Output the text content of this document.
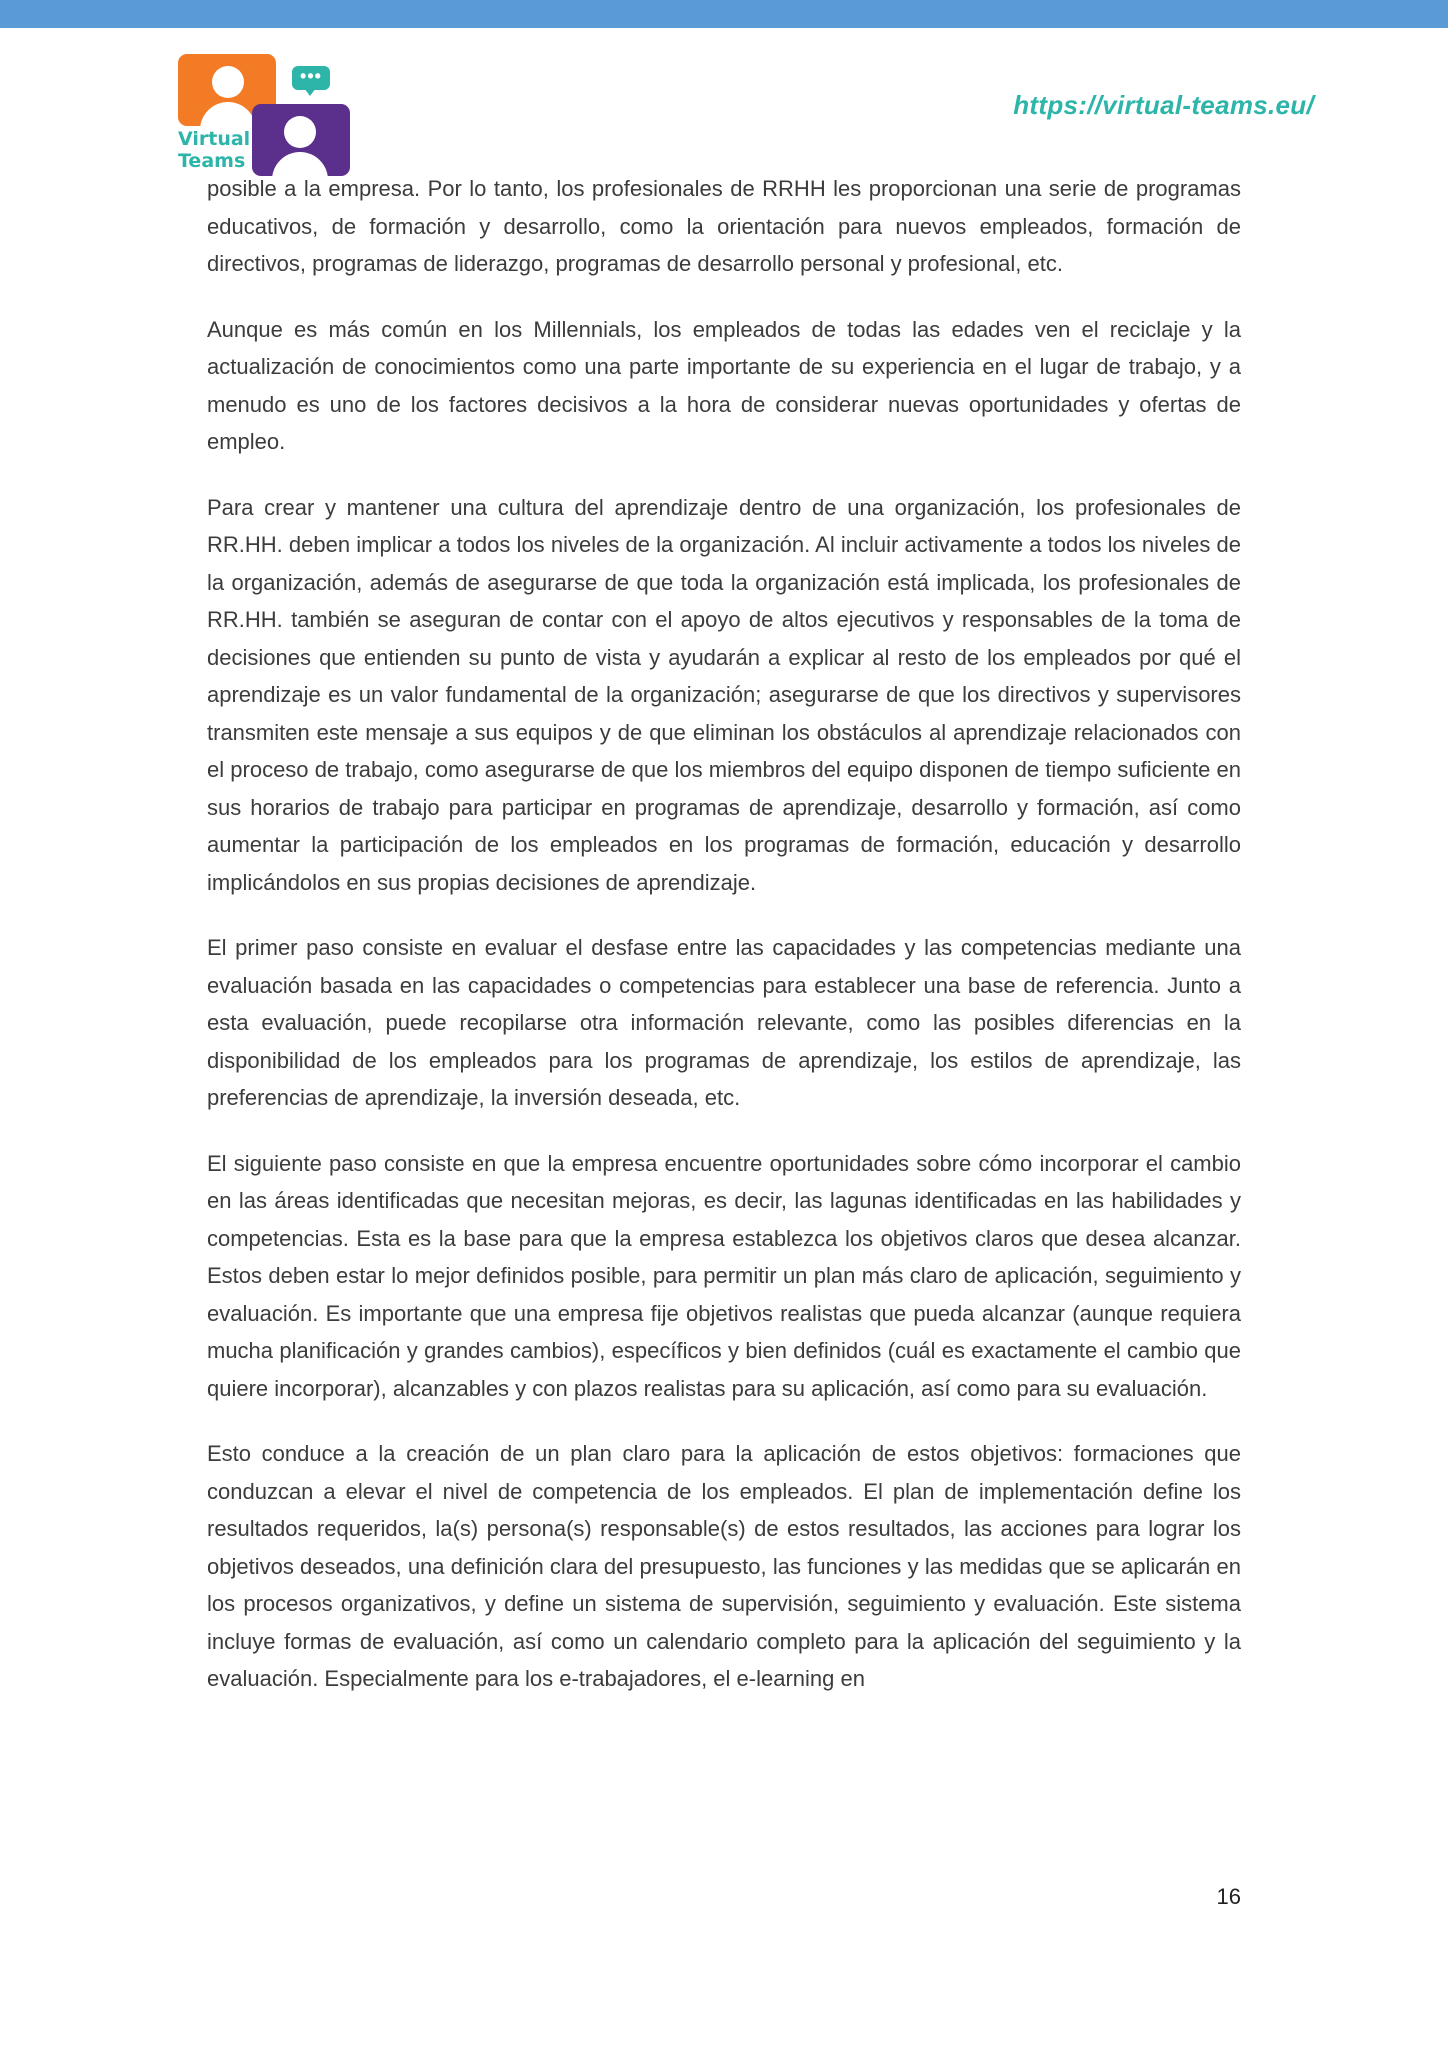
•••
Virtual
Teams
https://virtual-teams.eu/

posible a la empresa. Por lo tanto, los profesionales de RRHH les proporcionan una serie de programas educativos, de formación y desarrollo, como la orientación para nuevos empleados, formación de directivos, programas de liderazgo, programas de desarrollo personal y profesional, etc.

Aunque es más común en los Millennials, los empleados de todas las edades ven el reciclaje y la actualización de conocimientos como una parte importante de su experiencia en el lugar de trabajo, y a menudo es uno de los factores decisivos a la hora de considerar nuevas oportunidades y ofertas de empleo.

Para crear y mantener una cultura del aprendizaje dentro de una organización, los profesionales de RR.HH. deben implicar a todos los niveles de la organización. Al incluir activamente a todos los niveles de la organización, además de asegurarse de que toda la organización está implicada, los profesionales de RR.HH. también se aseguran de contar con el apoyo de altos ejecutivos y responsables de la toma de decisiones que entienden su punto de vista y ayudarán a explicar al resto de los empleados por qué el aprendizaje es un valor fundamental de la organización; asegurarse de que los directivos y supervisores transmiten este mensaje a sus equipos y de que eliminan los obstáculos al aprendizaje relacionados con el proceso de trabajo, como asegurarse de que los miembros del equipo disponen de tiempo suficiente en sus horarios de trabajo para participar en programas de aprendizaje, desarrollo y formación, así como aumentar la participación de los empleados en los programas de formación, educación y desarrollo implicándolos en sus propias decisiones de aprendizaje.

El primer paso consiste en evaluar el desfase entre las capacidades y las competencias mediante una evaluación basada en las capacidades o competencias para establecer una base de referencia. Junto a esta evaluación, puede recopilarse otra información relevante, como las posibles diferencias en la disponibilidad de los empleados para los programas de aprendizaje, los estilos de aprendizaje, las preferencias de aprendizaje, la inversión deseada, etc.

El siguiente paso consiste en que la empresa encuentre oportunidades sobre cómo incorporar el cambio en las áreas identificadas que necesitan mejoras, es decir, las lagunas identificadas en las habilidades y competencias. Esta es la base para que la empresa establezca los objetivos claros que desea alcanzar. Estos deben estar lo mejor definidos posible, para permitir un plan más claro de aplicación, seguimiento y evaluación. Es importante que una empresa fije objetivos realistas que pueda alcanzar (aunque requiera mucha planificación y grandes cambios), específicos y bien definidos (cuál es exactamente el cambio que quiere incorporar), alcanzables y con plazos realistas para su aplicación, así como para su evaluación.

Esto conduce a la creación de un plan claro para la aplicación de estos objetivos: formaciones que conduzcan a elevar el nivel de competencia de los empleados. El plan de implementación define los resultados requeridos, la(s) persona(s) responsable(s) de estos resultados, las acciones para lograr los objetivos deseados, una definición clara del presupuesto, las funciones y las medidas que se aplicarán en los procesos organizativos, y define un sistema de supervisión, seguimiento y evaluación. Este sistema incluye formas de evaluación, así como un calendario completo para la aplicación del seguimiento y la evaluación. Especialmente para los e-trabajadores, el e-learning en

16
